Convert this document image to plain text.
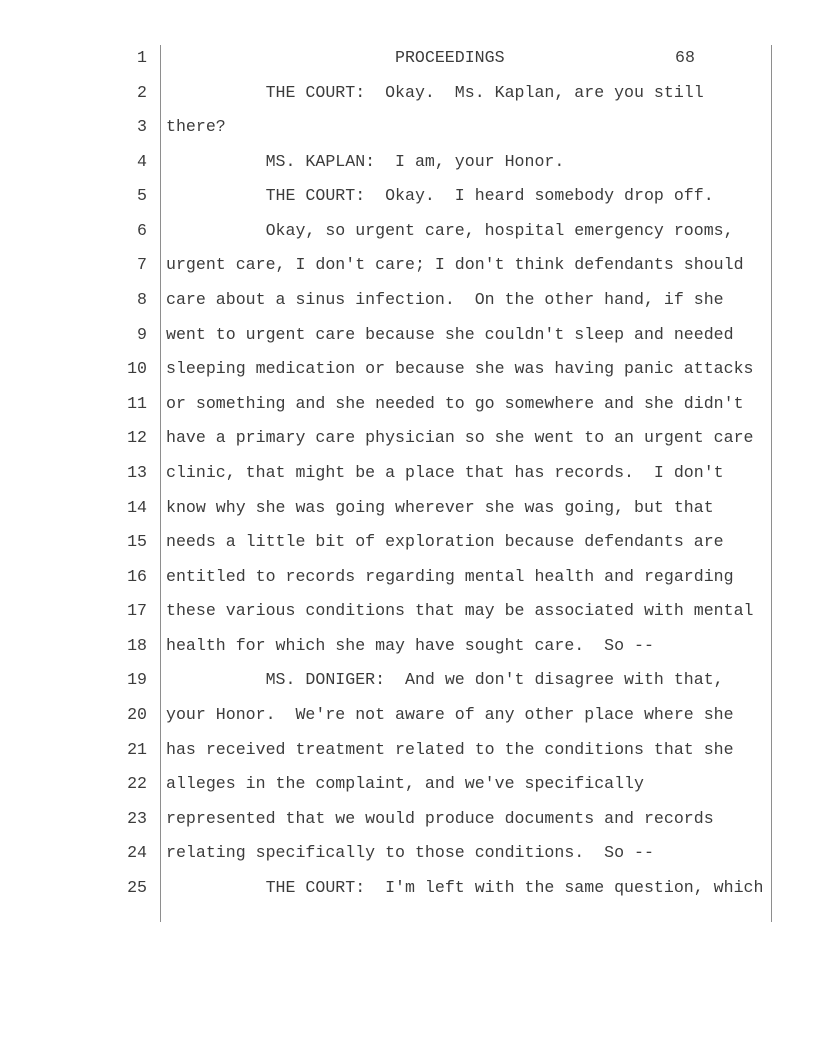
1

	PROCEEDINGS

	68

2 THE COURT:  Okay.  Ms. Kaplan, are you still
3 there?
4 MS. KAPLAN:  I am, your Honor.
5 THE COURT:  Okay.  I heard somebody drop off.
6 Okay, so urgent care, hospital emergency rooms,
7 urgent care, I don't care; I don't think defendants should
8 care about a sinus infection.  On the other hand, if she
9 went to urgent care because she couldn't sleep and needed
10 sleeping medication or because she was having panic attacks
11 or something and she needed to go somewhere and she didn't
12 have a primary care physician so she went to an urgent care
13 clinic, that might be a place that has records.  I don't
14 know why she was going wherever she was going, but that
15 needs a little bit of exploration because defendants are
16 entitled to records regarding mental health and regarding
17 these various conditions that may be associated with mental
18 health for which she may have sought care.  So --
19 MS. DONIGER:  And we don't disagree with that,
20 your Honor.  We're not aware of any other place where she
21 has received treatment related to the conditions that she
22 alleges in the complaint, and we've specifically
23 represented that we would produce documents and records
24 relating specifically to those conditions.  So --
25 THE COURT:  I'm left with the same question, which
